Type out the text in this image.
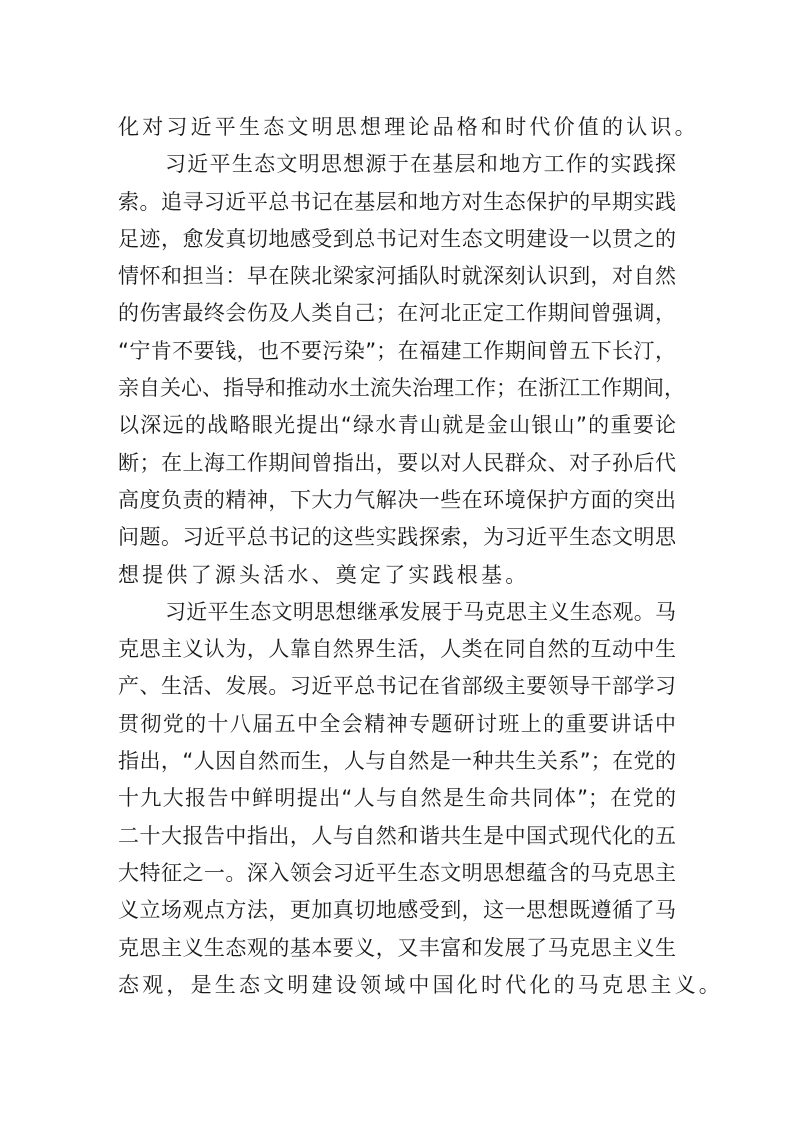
化对习近平生态文明思想理论品格和时代价值的认识。
习近平生态文明思想源于在基层和地方工作的实践探
索。追寻习近平总书记在基层和地方对生态保护的早期实践
足迹，愈发真切地感受到总书记对生态文明建设一以贯之的
情怀和担当：早在陕北梁家河插队时就深刻认识到，对自然
的伤害最终会伤及人类自己；在河北正定工作期间曾强调，
“宁肯不要钱，也不要污染”；在福建工作期间曾五下长汀，
亲自关心、指导和推动水土流失治理工作；在浙江工作期间，
以深远的战略眼光提出“绿水青山就是金山银山”的重要论
断；在上海工作期间曾指出，要以对人民群众、对子孙后代
高度负责的精神，下大力气解决一些在环境保护方面的突出
问题。习近平总书记的这些实践探索，为习近平生态文明思
想提供了源头活水、奠定了实践根基。
习近平生态文明思想继承发展于马克思主义生态观。马
克思主义认为，人靠自然界生活，人类在同自然的互动中生
产、生活、发展。习近平总书记在省部级主要领导干部学习
贯彻党的十八届五中全会精神专题研讨班上的重要讲话中
指出，“人因自然而生，人与自然是一种共生关系”；在党的
十九大报告中鲜明提出“人与自然是生命共同体”；在党的
二十大报告中指出，人与自然和谐共生是中国式现代化的五
大特征之一。深入领会习近平生态文明思想蕴含的马克思主
义立场观点方法，更加真切地感受到，这一思想既遵循了马
克思主义生态观的基本要义，又丰富和发展了马克思主义生
态观，是生态文明建设领域中国化时代化的马克思主义。
